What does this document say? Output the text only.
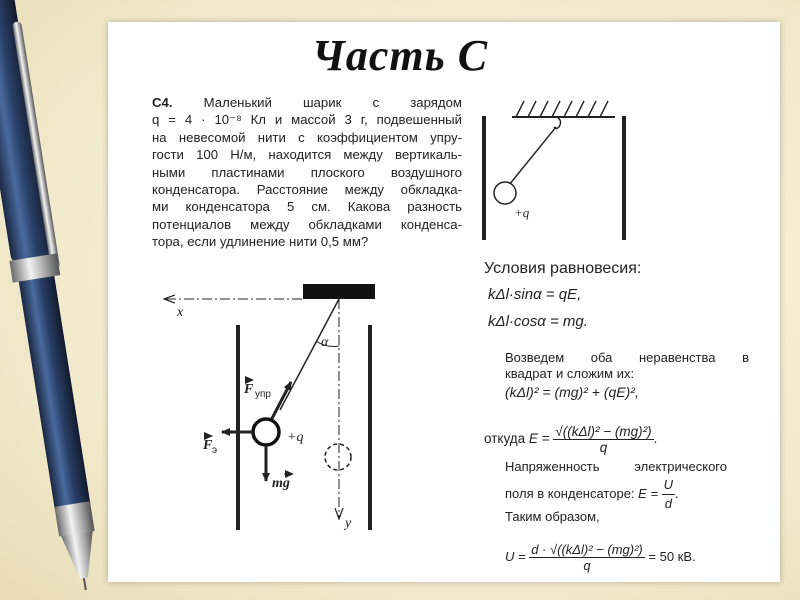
Часть С
С4. Маленький шарик с зарядом
q = 4 · 10⁻⁸ Кл и массой 3 г, подвешенный
на невесомой нити с коэффициентом упру-
гости 100 Н/м, находится между вертикаль-
ными пластинами плоского воздушного
конденсатора. Расстояние между обкладка-
ми конденсатора 5 см. Какова разность
потенциалов между обкладками конденса-
тора, если удлинение нити 0,5 мм?
+q
x
y
α
+q
F упр
F э
mg
Условия равновесия:
kΔl·sinα = qE,
kΔl·cosα = mg.
Возведем оба неравенства в
квадрат и сложим их:
(kΔl)² = (mg)² + (qE)²,
откуда $E = \frac{\text{√((kΔl)² − (mg)²)}}{q}$ .
Напряженность электрического
поля в конденсаторе: $E = \frac{U}{d}$ .
Таким образом,
$U = \frac{\text{d · √((kΔl)² − (mg)²)}}{q} = 50$ кВ.
